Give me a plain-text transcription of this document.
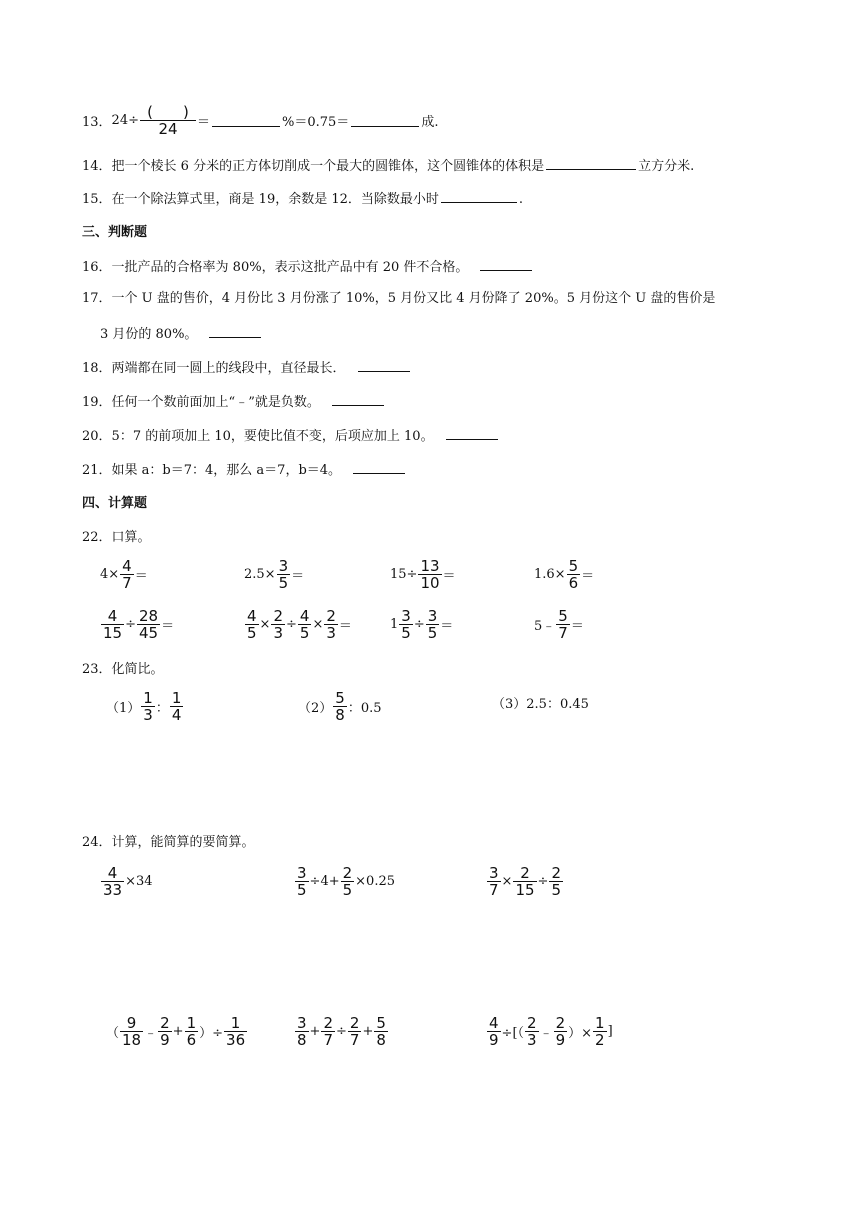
13． $24\div \frac{( )}{24}$ ＝	%＝0.75＝	成.
14．把一个棱长 6 分米的正方体切削成一个最大的圆锥体，这个圆锥体的体积是	立方分米.
15．在一个除法算式里，商是 19，余数是 12．当除数最小时	.
三、判断题
16．一批产品的合格率为 80%，表示这批产品中有 20 件不合格。
17．一个 U 盘的售价，4 月份比 3 月份涨了 10%，5 月份又比 4 月份降了 20%。5 月份这个 U 盘的售价是
3 月份的 80%。
18．两端都在同一圆上的线段中，直径最长．
19．任何一个数前面加上“﹣”就是负数。
20．5：7 的前项加上 10，要使比值不变，后项应加上 10。
21．如果 a：b＝7：4，那么 a＝7，b＝4。
四、计算题
22．口算。
$4\times \frac{4}{7}$ ＝	$2.5\times \frac{3}{5}$ ＝	$15\div \frac{13}{10}$ ＝	$1.6\times \frac{5}{6}$ ＝
$\frac{4}{15} \div \frac{28}{45}$ ＝	$\frac{4}{5} \times \frac{2}{3} \div \frac{4}{5} \times \frac{2}{3}$ ＝	$1 \frac{3}{5} \div \frac{3}{5}$ ＝	5﹣ $\frac{5}{7}$ ＝
23．化简比。
$(1) \frac{1}{3}$ ： $\frac{1}{4}$	$(2) \frac{5}{8}$ ：0.5	（3）2.5：0.45
24．计算，能简算的要简算。
$\frac{4}{33} \times 34$	$\frac{3}{5} \div 4+ \frac{2}{5} \times 0.25$	$\frac{3}{7} \times \frac{2}{15} \div \frac{2}{5}$
（ $\frac{9}{18}$ ﹣ $\frac{2}{9} + \frac{1}{6}$ ）÷ $\frac{1}{36}$	$\frac{3}{8} + \frac{2}{7} \div \frac{2}{7} + \frac{5}{8}$	$\frac{4}{9}$ ÷[（ $\frac{2}{3}$ ﹣ $\frac{2}{9}$ ）× $\frac{1}{2}$ ]
